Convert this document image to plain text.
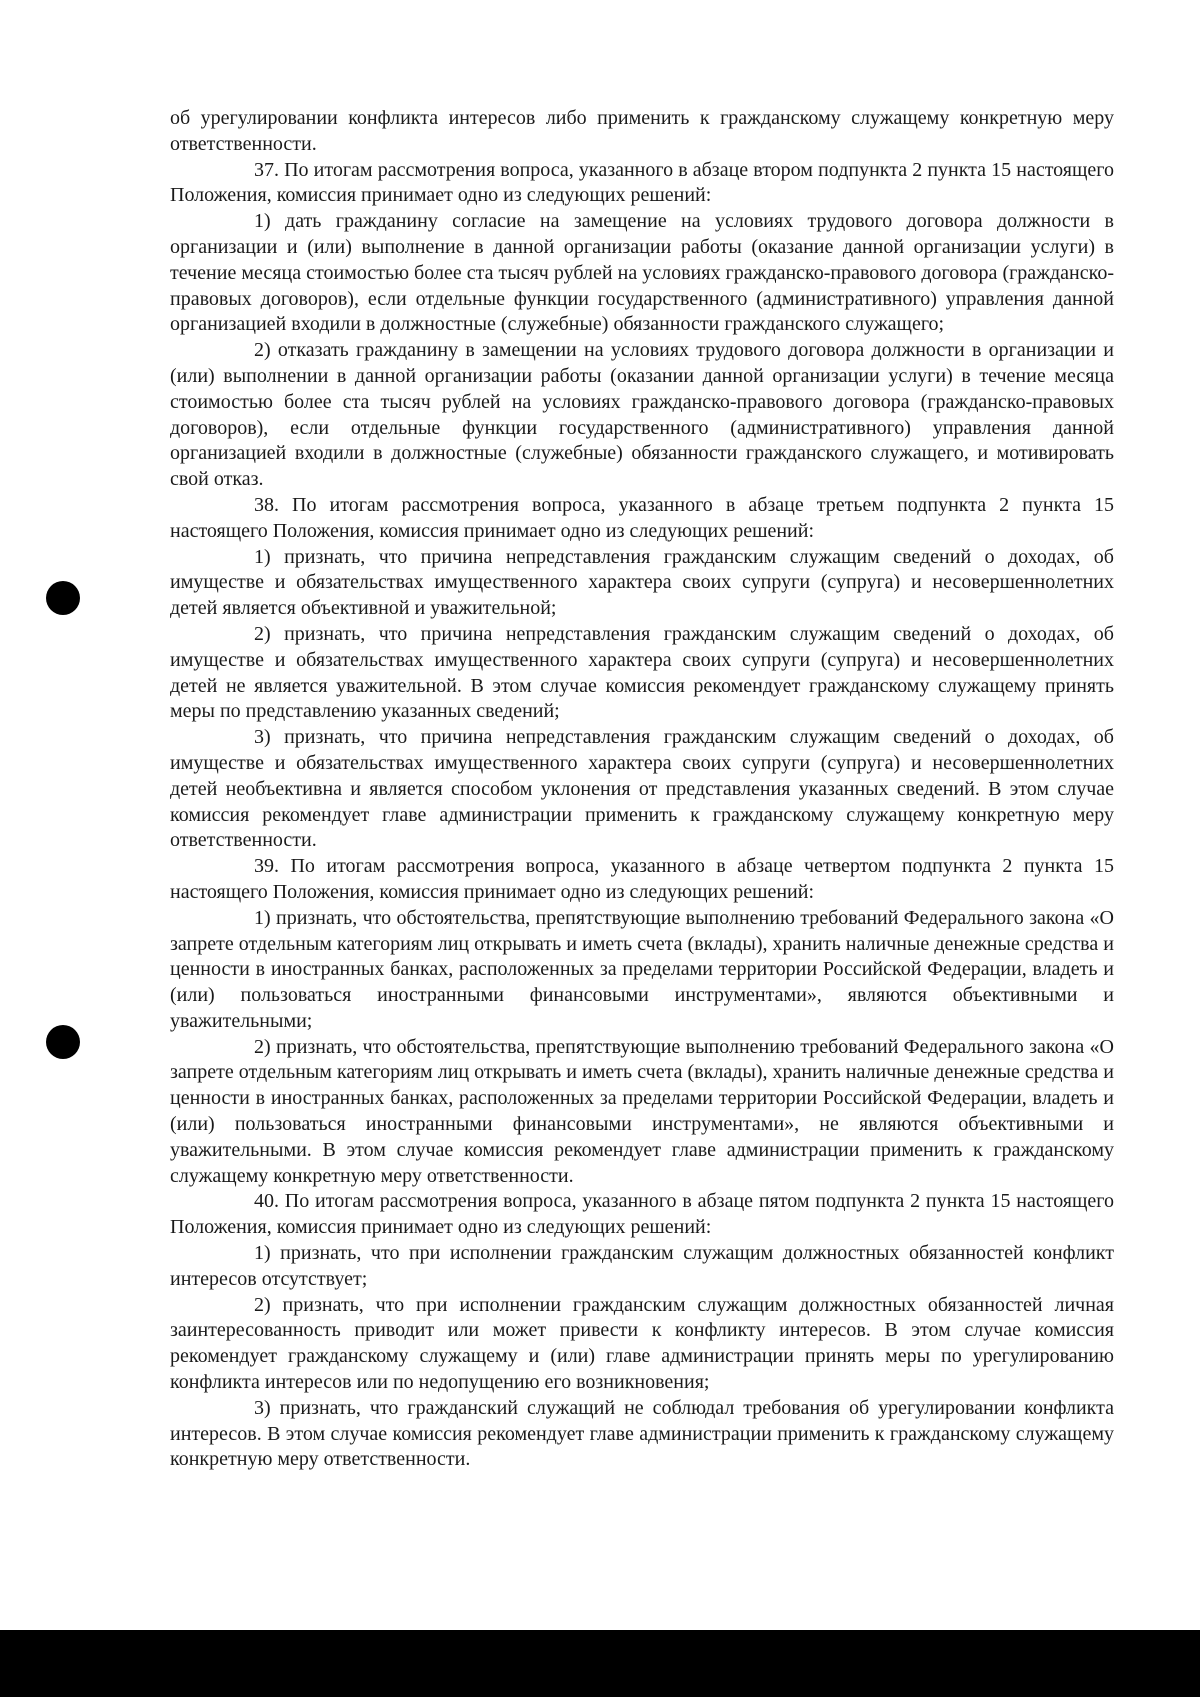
об урегулировании конфликта интересов либо применить к гражданскому служащему конкретную меру ответственности.

37. По итогам рассмотрения вопроса, указанного в абзаце втором подпункта 2 пункта 15 настоящего Положения, комиссия принимает одно из следующих решений:

1) дать гражданину согласие на замещение на условиях трудового договора должности в организации и (или) выполнение в данной организации работы (оказание данной организации услуги) в течение месяца стоимостью более ста тысяч рублей на условиях гражданско-правового договора (гражданско-правовых договоров), если отдельные функции государственного (административного) управления данной организацией входили в должностные (служебные) обязанности гражданского служащего;

2) отказать гражданину в замещении на условиях трудового договора должности в организации и (или) выполнении в данной организации работы (оказании данной организации услуги) в течение месяца стоимостью более ста тысяч рублей на условиях гражданско-правового договора (гражданско-правовых договоров), если отдельные функции государственного (административного) управления данной организацией входили в должностные (служебные) обязанности гражданского служащего, и мотивировать свой отказ.

38. По итогам рассмотрения вопроса, указанного в абзаце третьем подпункта 2 пункта 15 настоящего Положения, комиссия принимает одно из следующих решений:

1) признать, что причина непредставления гражданским служащим сведений о доходах, об имуществе и обязательствах имущественного характера своих супруги (супруга) и несовершеннолетних детей является объективной и уважительной;

2) признать, что причина непредставления гражданским служащим сведений о доходах, об имуществе и обязательствах имущественного характера своих супруги (супруга) и несовершеннолетних детей не является уважительной. В этом случае комиссия рекомендует гражданскому служащему принять меры по представлению указанных сведений;

3) признать, что причина непредставления гражданским служащим сведений о доходах, об имуществе и обязательствах имущественного характера своих супруги (супруга) и несовершеннолетних детей необъективна и является способом уклонения от представления указанных сведений. В этом случае комиссия рекомендует главе администрации применить к гражданскому служащему конкретную меру ответственности.

39. По итогам рассмотрения вопроса, указанного в абзаце четвертом подпункта 2 пункта 15 настоящего Положения, комиссия принимает одно из следующих решений:

1) признать, что обстоятельства, препятствующие выполнению требований Федерального закона «О запрете отдельным категориям лиц открывать и иметь счета (вклады), хранить наличные денежные средства и ценности в иностранных банках, расположенных за пределами территории Российской Федерации, владеть и (или) пользоваться иностранными финансовыми инструментами», являются объективными и уважительными;

2) признать, что обстоятельства, препятствующие выполнению требований Федерального закона «О запрете отдельным категориям лиц открывать и иметь счета (вклады), хранить наличные денежные средства и ценности в иностранных банках, расположенных за пределами территории Российской Федерации, владеть и (или) пользоваться иностранными финансовыми инструментами», не являются объективными и уважительными. В этом случае комиссия рекомендует главе администрации применить к гражданскому служащему конкретную меру ответственности.

40. По итогам рассмотрения вопроса, указанного в абзаце пятом подпункта 2 пункта 15 настоящего Положения, комиссия принимает одно из следующих решений:

1) признать, что при исполнении гражданским служащим должностных обязанностей конфликт интересов отсутствует;

2) признать, что при исполнении гражданским служащим должностных обязанностей личная заинтересованность приводит или может привести к конфликту интересов. В этом случае комиссия рекомендует гражданскому служащему и (или) главе администрации принять меры по урегулированию конфликта интересов или по недопущению его возникновения;

3) признать, что гражданский служащий не соблюдал требования об урегулировании конфликта интересов. В этом случае комиссия рекомендует главе администрации применить к гражданскому служащему конкретную меру ответственности.
